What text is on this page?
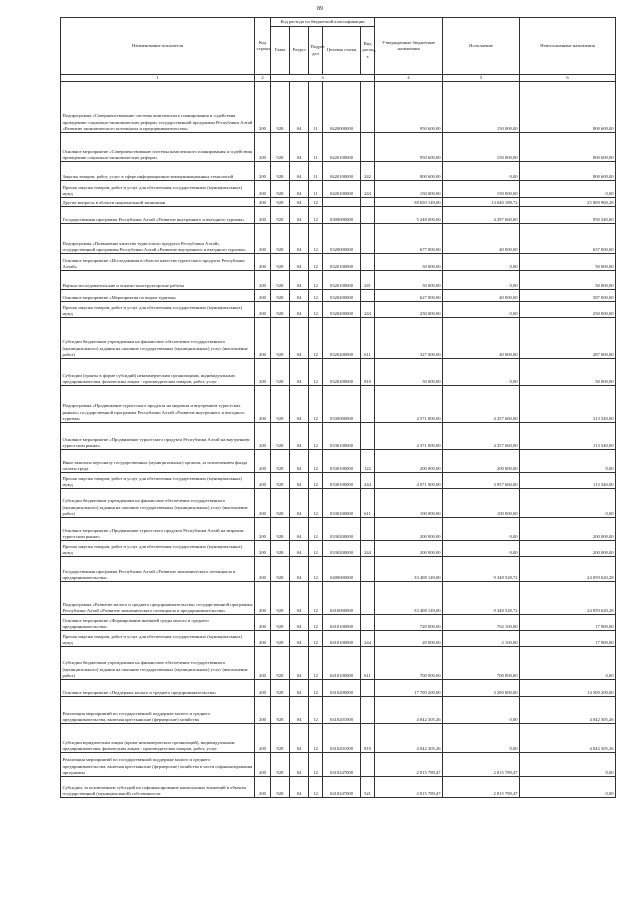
89
Наименование показателя	Код строки	Код расхода по бюджетной классификации					Утвержденные бюджетные назначения	Исполнение	Неисполненные назначения
		Глава	Раздел	Подраз дел	Целевая статья	Вид расход а			
1	2	3					4	5	6
Подпрограмма «Совершенствование системы комплексного планирования и содействия проведению социально-экономических реформ» государственной программы Республики Алтай «Развитие экономического потенциала и предпринимательства»	200	928	04	11	0420000000		950 600,00	150 000,00	800 600,00
Основное мероприятие «Совершенствование системы комплексного планирования и содействия проведению социально-экономических реформ»	200	928	04	11	0420100000		950 600,00	150 000,00	800 600,00
Закупка товаров, работ, услуг в сфере информационно-коммуникационных технологий	200	928	04	11	0420100000	242	800 600,00	0,00	800 600,00
Прочая закупка товаров, работ и услуг для обеспечения государственных (муниципальных) нужд	200	928	04	11	0420100000	244	150 000,00	150 000,00	0,00
Другие вопросы в области национальной экономики	200	928	04	12			38 650 149,00	13 640 188,72	25 009 960,28
Государственная программа Республики Алтай «Развитие внутреннего и въездного туризма»	200	928	04	12	0300000000		5 248 000,00	4 297 660,00	950 340,00
Подпрограмма «Повышение качества туристского продукта Республики Алтай» государственной программы Республики Алтай «Развитие внутреннего и въездного туризма»	200	928	04	12	0320000000		677 000,00	40 000,00	637 000,00
Основное мероприятие «Исследования в области качества туристского продукта Республики Алтай»	200	928	04	12	0320100000		50 000,00	0,00	50 000,00
Научно-исследовательские и опытно-конструкторские работы	200	928	04	12	0320100000	241	50 000,00	0,00	50 000,00
Основное мероприятие «Мероприятия по видам туризма»	200	928	04	12	0320200000		627 000,00	40 000,00	587 000,00
Прочая закупка товаров, работ и услуг для обеспечения государственных (муниципальных) нужд	200	928	04	12	0320200000	244	250 000,00	0,00	250 000,00
Субсидии бюджетным учреждениям на финансовое обеспечение государственного (муниципального) задания на оказание государственных (муниципальных) услуг (выполнение работ)	200	928	04	12	0320200000	611	327 000,00	40 000,00	287 000,00
Субсидии (гранты в форме субсидий) некоммерческим организациям, индивидуальным предпринимателям, физическим лицам - производителям товаров, работ, услуг	200	928	04	12	0320200000	810	50 000,00	0,00	50 000,00
Подпрограмма «Продвижение туристского продукта на мировом и внутреннем туристских рынках» государственной программы Республики Алтай «Развитие внутреннего и въездного туризма»	200	928	04	12	0330000000		4 571 000,00	4 257 660,00	313 340,00
Основное мероприятие «Продвижение туристского продукта Республики Алтай на внутреннем туристском рынке»	200	928	04	12	0330100000		4 371 000,00	4 257 660,00	113 340,00
Иные выплаты персоналу государственных (муниципальных) органов, за исключением фонда оплаты труда	200	928	04	12	0330100000	122	200 000,00	200 000,00	0,00
Прочая закупка товаров, работ и услуг для обеспечения государственных (муниципальных) нужд	200	928	04	12	0330100000	244	4 071 000,00	3 957 660,00	113 340,00
Субсидии бюджетным учреждениям на финансовое обеспечение государственного (муниципального) задания на оказание государственных (муниципальных) услуг (выполнение работ)	200	928	04	12	0330100000	611	100 000,00	100 000,00	0,00
Основное мероприятие «Продвижение туристского продукта Республики Алтай на мировом туристском рынке»	200	928	04	12	0330200000		200 000,00	0,00	200 000,00
Прочая закупка товаров, работ и услуг для обеспечения государственных (муниципальных) нужд	200	928	04	12	0330200000	244	200 000,00	0,00	200 000,00
Государственная программа Республики Алтай «Развитие экономического потенциала и предпринимательства»	200	928	04	12	0400000000		33 408 149,00	9 348 528,72	24 059 620,28
Подпрограмма «Развитие малого и среднего предпринимательства» государственной программы Республики Алтай «Развитие экономического потенциала и предпринимательства»	200	928	04	12	0410000000		33 408 149,00	9 348 528,72	24 059 620,28
Основное мероприятие «Формирование внешней среды малого и среднего предпринимательства»	200	928	04	12	0410100000		720 000,00	702 100,00	17 900,00
Прочая закупка товаров, работ и услуг для обеспечения государственных (муниципальных) нужд	200	928	04	12	0410100000	244	20 000,00	2 100,00	17 900,00
Субсидии бюджетным учреждениям на финансовое обеспечение государственного (муниципального) задания на оказание государственных (муниципальных) услуг (выполнение работ)	200	928	04	12	0410100000	611	700 000,00	700 000,00	0,00
Основное мероприятие «Поддержка малого и среднего предпринимательства»	200	928	04	12	0410200000		17 700 200,00	3 200 000,00	14 500 200,00
Реализация мероприятий по государственной поддержке малого и среднего предпринимательства, включая крестьянские (фермерские) хозяйства	200	928	04	12	0410201000		4 042 305,26	0,00	4 042 305,26
Субсидии юридическим лицам (кроме некоммерческих организаций), индивидуальным предпринимателям, физическим лицам - производителям товаров, работ, услуг	200	928	04	12	0410201000	810	4 042 305,26	0,00	4 042 305,26
Реализация мероприятий по государственной поддержке малого и среднего предпринимательства, включая крестьянские (фермерские) хозяйства в части софинансирования программы	200	928	04	12	0410247000		2 815 789,47	2 815 789,47	0,00
Субсидии, за исключением субсидий на софинансирование капитальных вложений в объекты государственной (муниципальной) собственности	200	928	04	12	0410247000	521	2 815 789,47	2 815 789,47	0,00
